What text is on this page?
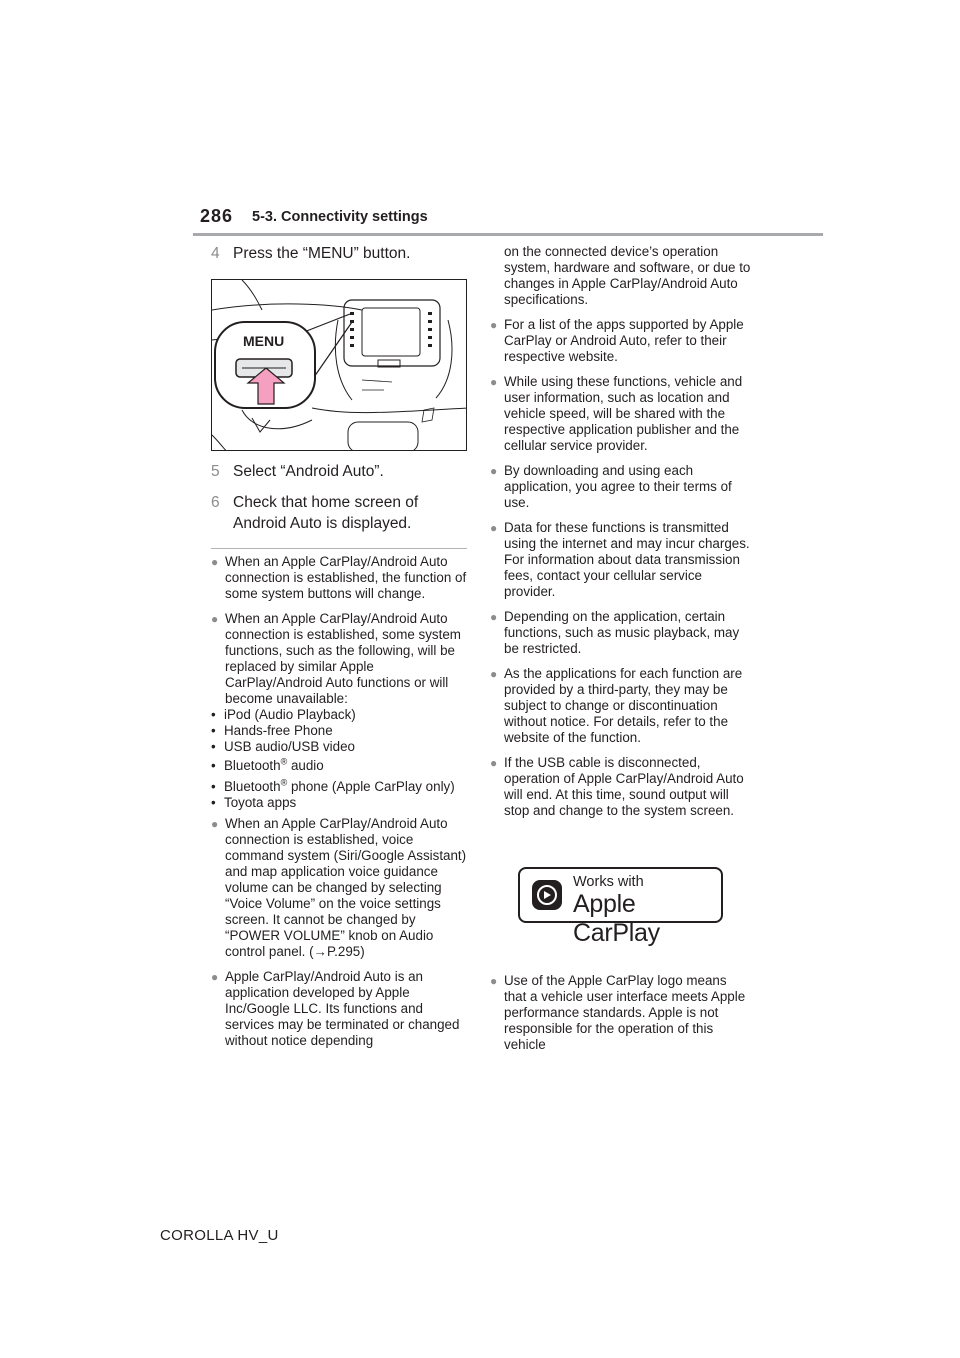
286 5-3. Connectivity settings
4 Press the “MENU” button.
MENU
5 Select “Android Auto”.
6 Check that home screen of Android Auto is displayed.
● When an Apple CarPlay/Android Auto connection is established, the function of some system buttons will change.
● When an Apple CarPlay/Android Auto connection is established, some system functions, such as the following, will be replaced by similar Apple CarPlay/Android Auto functions or will become unavailable:
• iPod (Audio Playback)
• Hands-free Phone
• USB audio/USB video
• Bluetooth® audio
• Bluetooth® phone (Apple CarPlay only)
• Toyota apps
● When an Apple CarPlay/Android Auto connection is established, voice command system (Siri/Google Assistant) and map application voice guidance volume can be changed by selecting “Voice Volume” on the voice settings screen. It cannot be changed by “POWER VOLUME” knob on Audio control panel. (→P.295)
● Apple CarPlay/Android Auto is an application developed by Apple Inc/Google LLC. Its functions and services may be terminated or changed without notice depending
on the connected device’s operation system, hardware and software, or due to changes in Apple CarPlay/Android Auto specifications.
● For a list of the apps supported by Apple CarPlay or Android Auto, refer to their respective website.
● While using these functions, vehicle and user information, such as location and vehicle speed, will be shared with the respective application publisher and the cellular service provider.
● By downloading and using each application, you agree to their terms of use.
● Data for these functions is transmitted using the internet and may incur charges. For information about data transmission fees, contact your cellular service provider.
● Depending on the application, certain functions, such as music playback, may be restricted.
● As the applications for each function are provided by a third-party, they may be subject to change or discontinuation without notice. For details, refer to the website of the function.
● If the USB cable is disconnected, operation of Apple CarPlay/Android Auto will end. At this time, sound output will stop and change to the system screen.
Works with
Apple CarPlay
● Use of the Apple CarPlay logo means that a vehicle user interface meets Apple performance standards. Apple is not responsible for the operation of this vehicle
COROLLA HV_U
